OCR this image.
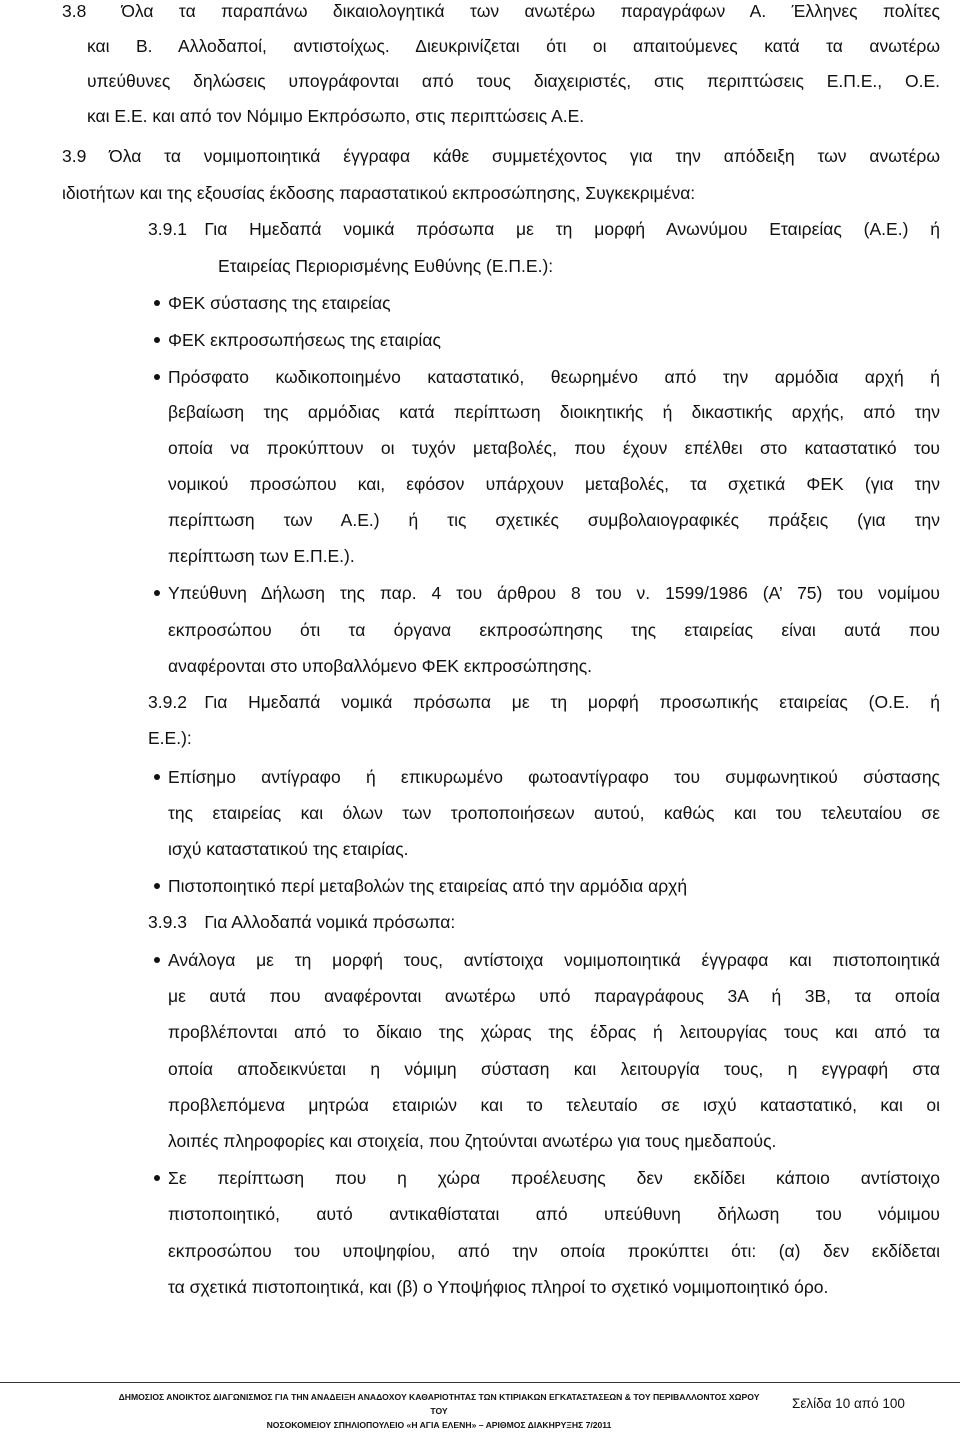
3.8  Όλα τα παραπάνω δικαιολογητικά των ανωτέρω παραγράφων Α. Έλληνες πολίτες
και Β. Αλλοδαποί, αντιστοίχως. Διευκρινίζεται ότι οι απαιτούμενες κατά τα ανωτέρω
υπεύθυνες δηλώσεις υπογράφονται από τους διαχειριστές, στις περιπτώσεις Ε.Π.Ε., Ο.Ε.
και Ε.Ε. και από τον Νόμιμο Εκπρόσωπο, στις περιπτώσεις Α.Ε.
3.9 Όλα τα νομιμοποιητικά έγγραφα κάθε συμμετέχοντος για την απόδειξη των ανωτέρω
ιδιοτήτων και της εξουσίας έκδοσης παραστατικού εκπροσώπησης, Συγκεκριμένα:
3.9.1 Για Ημεδαπά νομικά πρόσωπα με τη μορφή Ανωνύμου Εταιρείας (Α.Ε.) ή
Εταιρείας Περιορισμένης Ευθύνης (Ε.Π.Ε.):
ΦΕΚ σύστασης της εταιρείας
ΦΕΚ εκπροσωπήσεως της εταιρίας
Πρόσφατο κωδικοποιημένο καταστατικό, θεωρημένο από την αρμόδια αρχή ή
βεβαίωση της αρμόδιας κατά περίπτωση διοικητικής ή δικαστικής αρχής, από την
οποία να προκύπτουν οι τυχόν μεταβολές, που έχουν επέλθει στο καταστατικό του
νομικού προσώπου και, εφόσον υπάρχουν μεταβολές, τα σχετικά ΦΕΚ (για την
περίπτωση των Α.Ε.) ή τις σχετικές συμβολαιογραφικές πράξεις (για την
περίπτωση των Ε.Π.Ε.).
Υπεύθυνη Δήλωση της παρ. 4 του άρθρου 8 του ν. 1599/1986 (Α’ 75) του νομίμου
εκπροσώπου ότι τα όργανα εκπροσώπησης της εταιρείας είναι αυτά που
αναφέρονται στο υποβαλλόμενο ΦΕΚ εκπροσώπησης.
3.9.2 Για Ημεδαπά νομικά πρόσωπα με τη μορφή προσωπικής εταιρείας (Ο.Ε. ή
Ε.Ε.):
Επίσημο αντίγραφο ή επικυρωμένο φωτοαντίγραφο του συμφωνητικού σύστασης
της εταιρείας και όλων των τροποποιήσεων αυτού, καθώς και του τελευταίου σε
ισχύ καταστατικού της εταιρίας.
Πιστοποιητικό περί μεταβολών της εταιρείας από την αρμόδια αρχή
3.9.3 Για Αλλοδαπά νομικά πρόσωπα:
Ανάλογα με τη μορφή τους, αντίστοιχα νομιμοποιητικά έγγραφα και πιστοποιητικά
με αυτά που αναφέρονται ανωτέρω υπό παραγράφους 3Α ή 3Β, τα οποία
προβλέπονται από το δίκαιο της χώρας της έδρας ή λειτουργίας τους και από τα
οποία αποδεικνύεται η νόμιμη σύσταση και λειτουργία τους, η εγγραφή στα
προβλεπόμενα μητρώα εταιριών και το τελευταίο σε ισχύ καταστατικό, και οι
λοιπές πληροφορίες και στοιχεία, που ζητούνται ανωτέρω για τους ημεδαπούς.
Σε περίπτωση που η χώρα προέλευσης δεν εκδίδει κάποιο αντίστοιχο
πιστοποιητικό, αυτό αντικαθίσταται από υπεύθυνη δήλωση του νόμιμου
εκπροσώπου του υποψηφίου, από την οποία προκύπτει ότι: (α) δεν εκδίδεται
τα σχετικά πιστοποιητικά, και (β) ο Υποψήφιος πληροί το σχετικό νομιμοποιητικό όρο.
ΔΗΜΟΣΙΟΣ ΑΝΟΙΚΤΟΣ ΔΙΑΓΩΝΙΣΜΟΣ ΓΙΑ ΤΗΝ ΑΝΑΔΕΙΞΗ ΑΝΑΔΟΧΟΥ ΚΑΘΑΡΙΟΤΗΤΑΣ ΤΩΝ ΚΤΙΡΙΑΚΩΝ ΕΓΚΑΤΑΣΤΑΣΕΩΝ & ΤΟΥ ΠΕΡΙΒΑΛΛΟΝΤΟΣ ΧΩΡΟΥ ΤΟΥ
ΝΟΣΟΚΟΜΕΙΟΥ ΣΠΗΛΙΟΠΟΥΛΕΙΟ «Η ΑΓΙΑ ΕΛΕΝΗ» – ΑΡΙΘΜΟΣ ΔΙΑΚΗΡΥΞΗΣ 7/2011
Σελίδα 10 από 100
